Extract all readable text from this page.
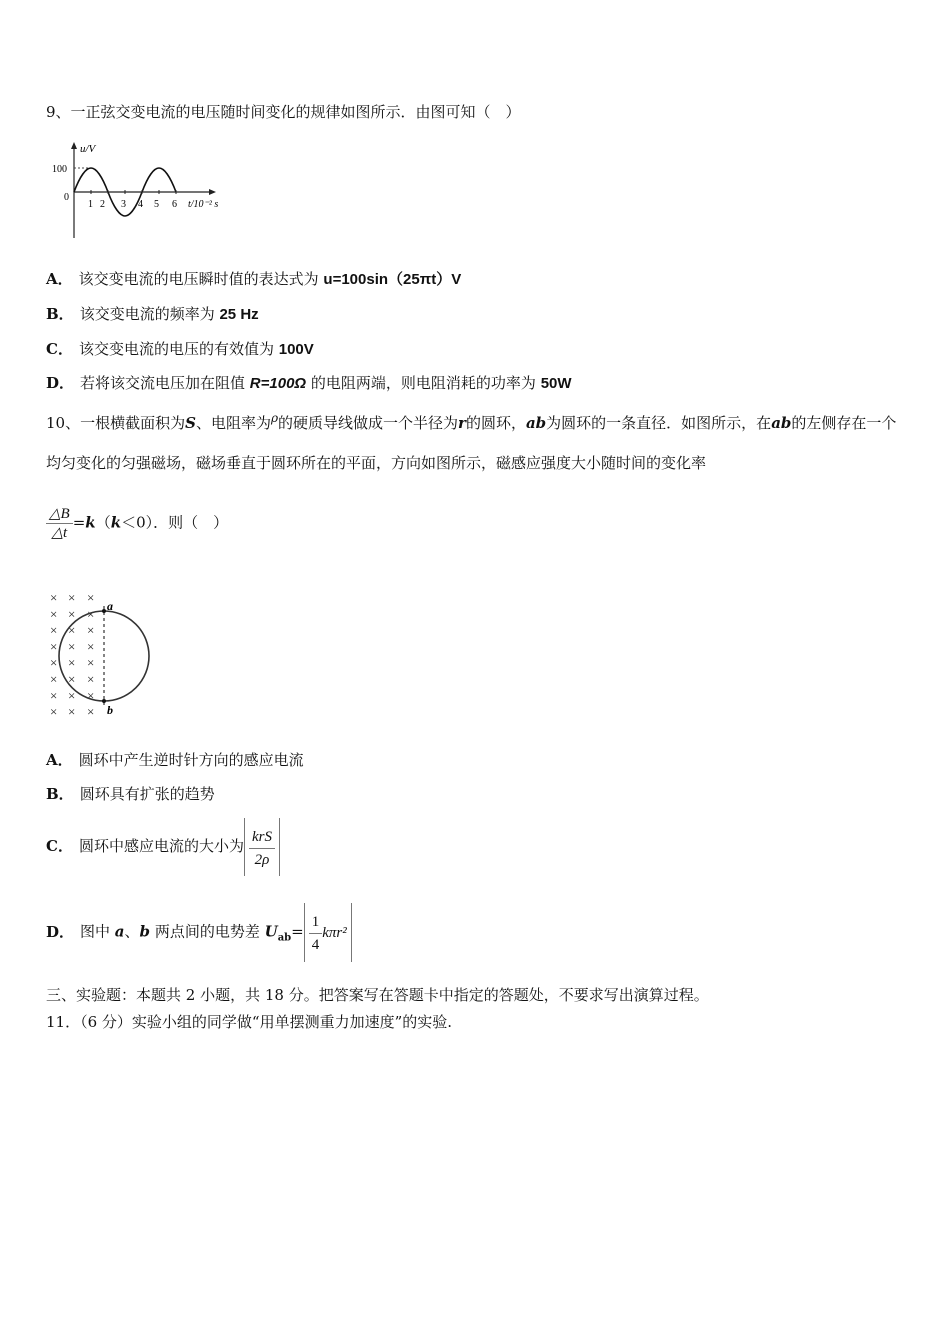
9、一正弦交变电流的电压随时间变化的规律如图所示．由图可知（　）
u/V
100
0
1 2 3 4 5 6 t/10⁻² s
A． 该交变电流的电压瞬时值的表达式为 u=100sin（25πt）V
B． 该交变电流的频率为 25 Hz
C． 该交变电流的电压的有效值为 100V
D． 若将该交流电压加在阻值 R=100Ω 的电阻两端，则电阻消耗的功率为 50W
10、一根横截面积为S、电阻率为$^\rho$的硬质导线做成一个半径为r的圆环，ab为圆环的一条直径．如图所示，在ab的左侧存在一个均匀变化的匀强磁场，磁场垂直于圆环所在的平面，方向如图所示，磁感应强度大小随时间的变化率
$\frac{\triangle B}{\triangle t} =k(k<0)$．则（　）
× × ×
× × ×
× × ×
× × ×
× × ×
× × ×
× × ×
× × ×
a
b
A． 圆环中产生逆时针方向的感应电流
B． 圆环具有扩张的趋势
C． 圆环中感应电流的大小为 $\frac{\text{krS}}{2\rho}$
D． 图中 a、b 两点间的电势差 $U_{ab}= \frac{1}{4} k\pi r^2$
三、实验题：本题共 2 小题，共 18 分。把答案写在答题卡中指定的答题处，不要求写出演算过程。
11．（6 分）实验小组的同学做“用单摆测重力加速度”的实验.
